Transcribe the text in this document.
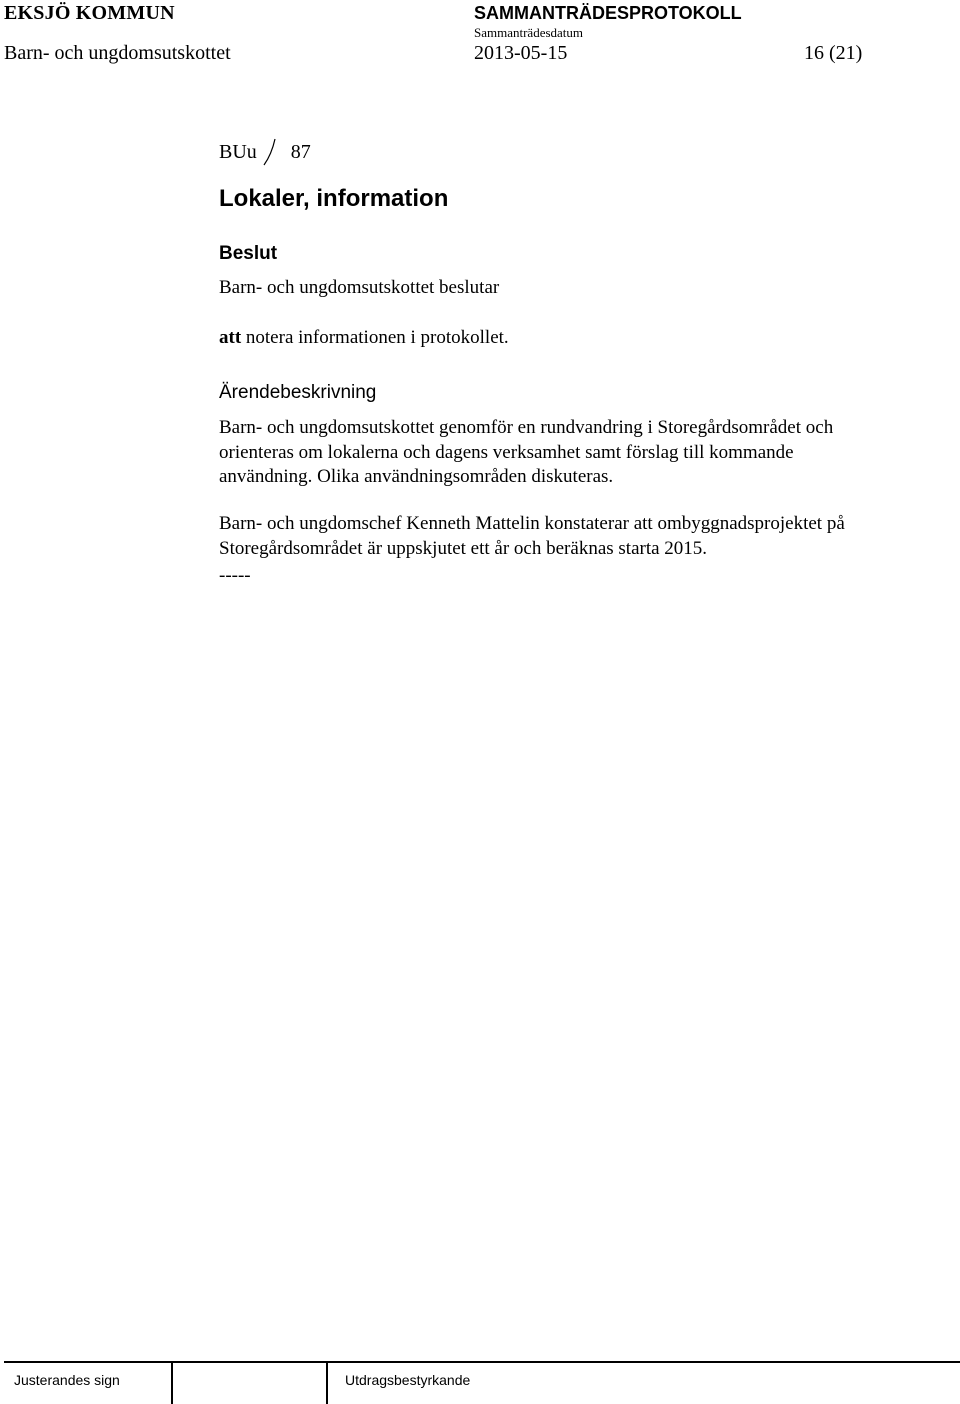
EKSJÖ KOMMUN	SAMMANTRÄDESPROTOKOLL
Sammanträdesdatum
Barn- och ungdomsutskottet	2013-05-15	16 (21)
BUu 87
Lokaler, information
Beslut
Barn- och ungdomsutskottet beslutar
att notera informationen i protokollet.
Ärendebeskrivning
Barn- och ungdomsutskottet genomför en rundvandring i Storegårdsområdet och
orienteras om lokalerna och dagens verksamhet samt förslag till kommande
användning. Olika användningsområden diskuteras.
Barn- och ungdomschef Kenneth Mattelin konstaterar att ombyggnadsprojektet på
Storegårdsområdet är uppskjutet ett år och beräknas starta 2015.
-----
Justerandes sign	Utdragsbestyrkande
